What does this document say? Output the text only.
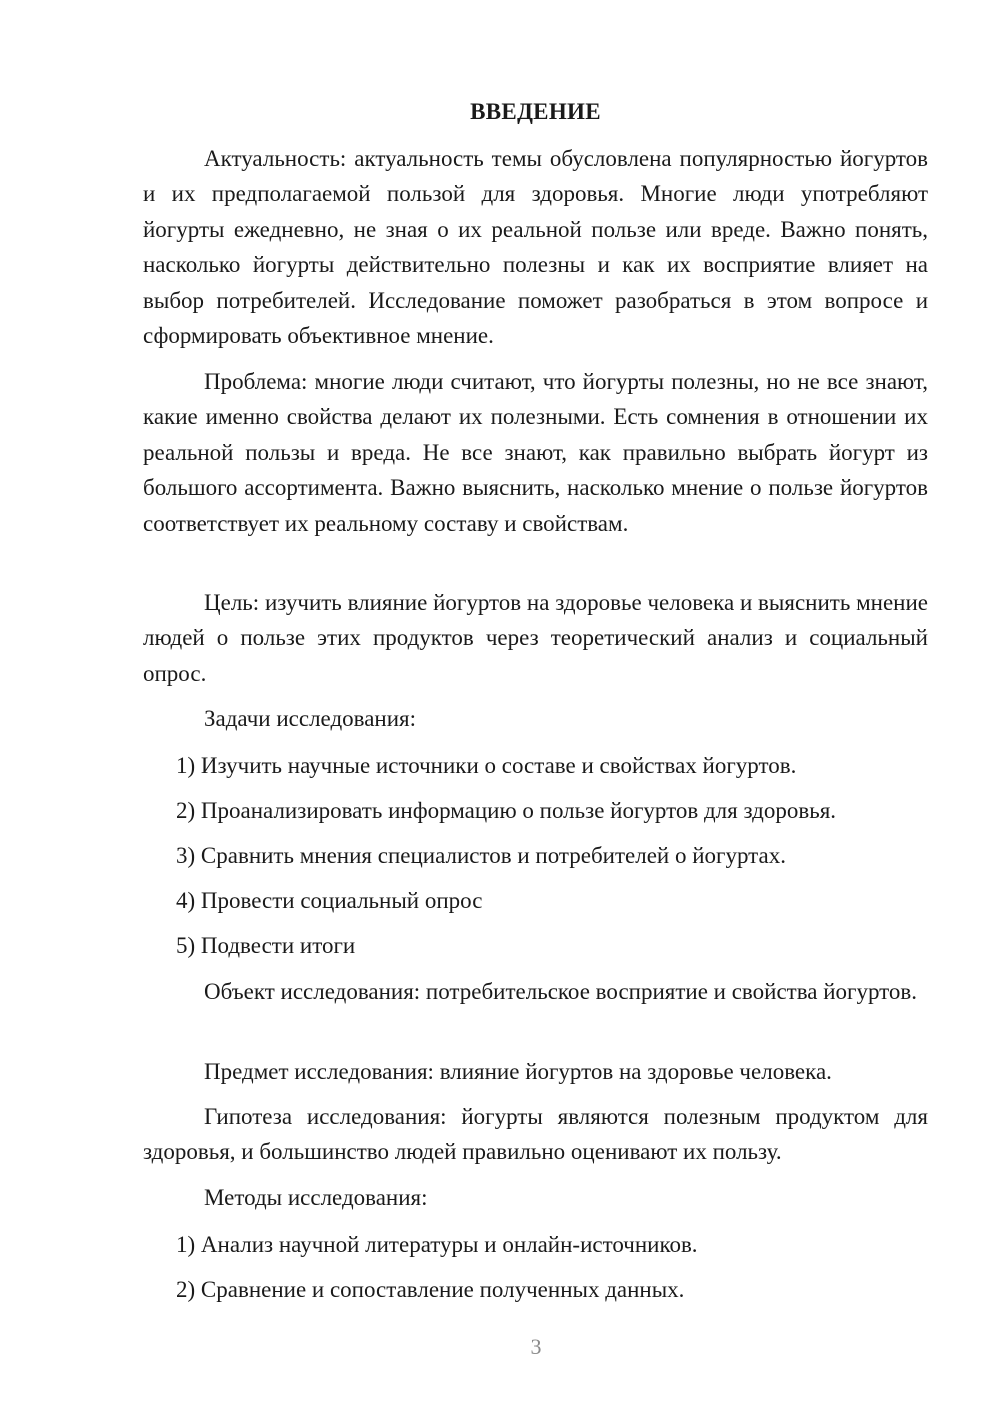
ВВЕДЕНИЕ

Актуальность: актуальность темы обусловлена популярностью йогуртов и их предполагаемой пользой для здоровья. Многие люди употребляют йогурты ежедневно, не зная о их реальной пользе или вреде. Важно понять, насколько йогурты действительно полезны и как их восприятие влияет на выбор потребителей. Исследование поможет разобраться в этом вопросе и сформировать объективное мнение.

Проблема: многие люди считают, что йогурты полезны, но не все знают, какие именно свойства делают их полезными. Есть сомнения в отношении их реальной пользы и вреда. Не все знают, как правильно выбрать йогурт из большого ассортимента. Важно выяснить, насколько мнение о пользе йогуртов соответствует их реальному составу и свойствам.

Цель: изучить влияние йогуртов на здоровье человека и выяснить мнение людей о пользе этих продуктов через теоретический анализ и социальный опрос.

Задачи исследования:

1) Изучить научные источники о составе и свойствах йогуртов.

2) Проанализировать информацию о пользе йогуртов для здоровья.

3) Сравнить мнения специалистов и потребителей о йогуртах.

4) Провести социальный опрос

5) Подвести итоги

Объект исследования: потребительское восприятие и свойства йогуртов.

Предмет исследования: влияние йогуртов на здоровье человека.

Гипотеза исследования: йогурты являются полезным продуктом для здоровья, и большинство людей правильно оценивают их пользу.

Методы исследования:

1) Анализ научной литературы и онлайн-источников.

2) Сравнение и сопоставление полученных данных.

3
